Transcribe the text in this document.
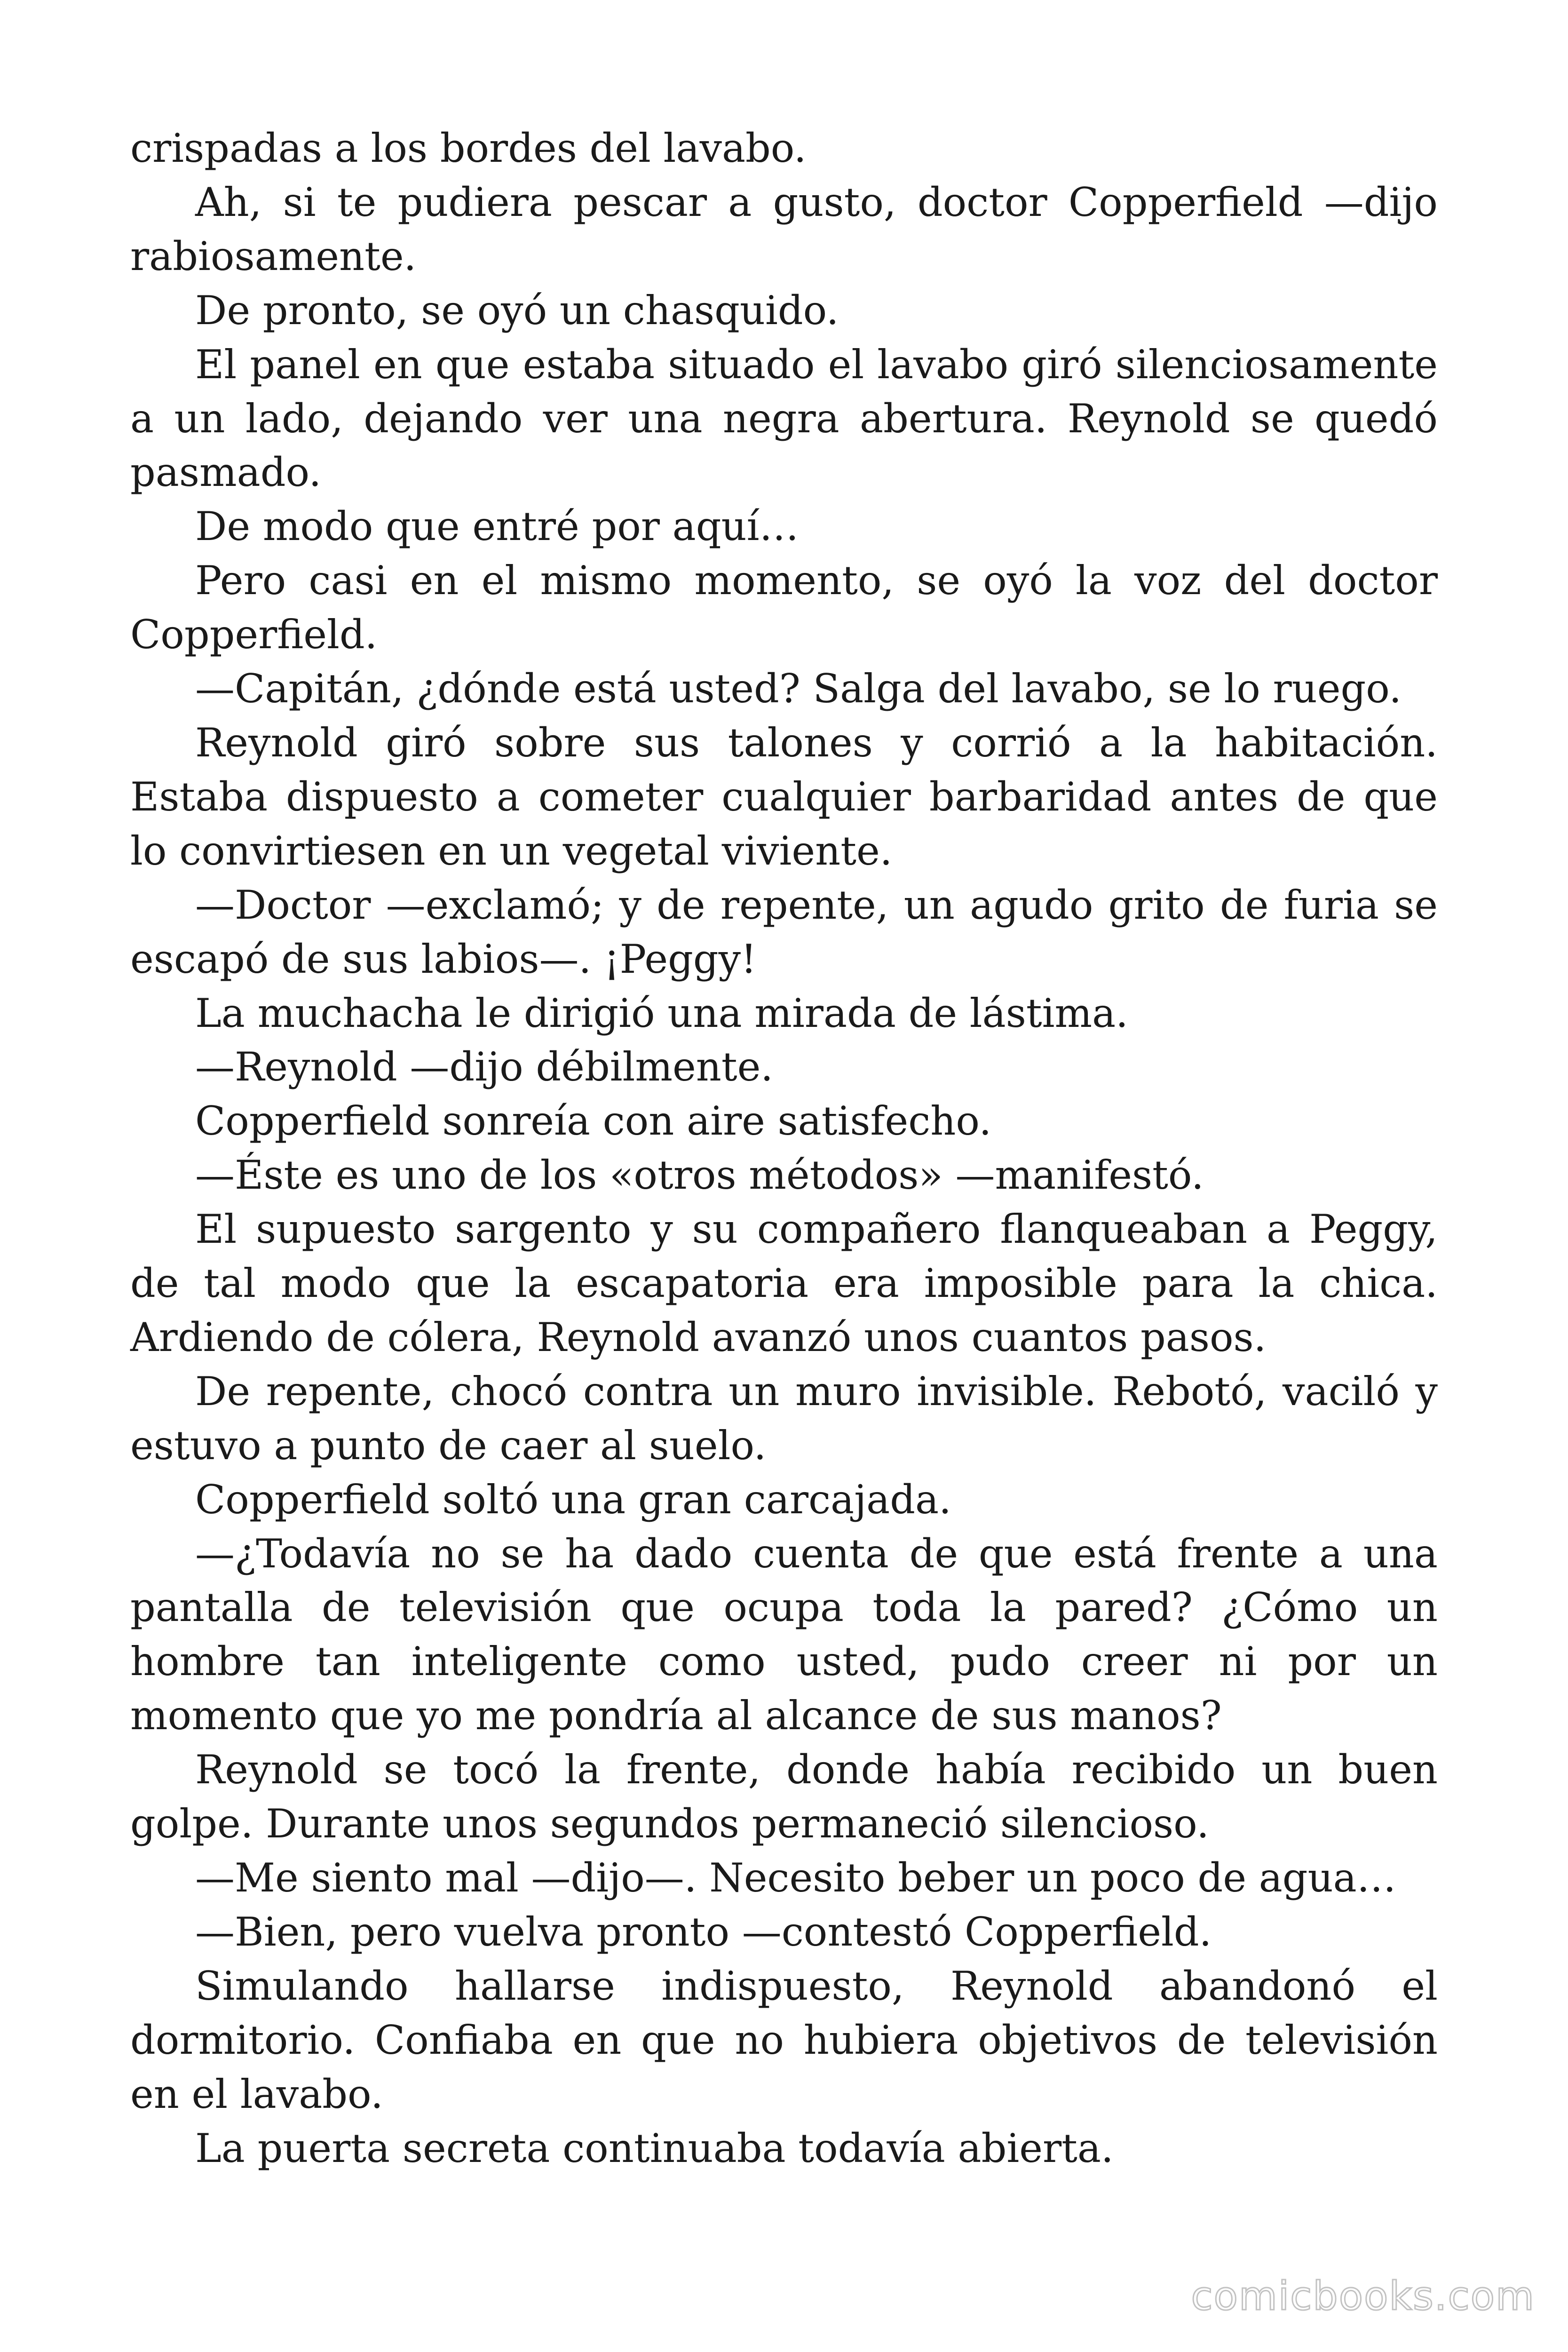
crispadas a los bordes del lavabo.

Ah, si te pudiera pescar a gusto, doctor Copperfield —dijo rabiosamente.

De pronto, se oyó un chasquido.

El panel en que estaba situado el lavabo giró silenciosamente a un lado, dejando ver una negra abertura. Reynold se quedó pasmado.

De modo que entré por aquí…

Pero casi en el mismo momento, se oyó la voz del doctor Copperfield.

—Capitán, ¿dónde está usted? Salga del lavabo, se lo ruego.

Reynold giró sobre sus talones y corrió a la habitación. Estaba dispuesto a cometer cualquier barbaridad antes de que lo convirtiesen en un vegetal viviente.

—Doctor —exclamó; y de repente, un agudo grito de furia se escapó de sus labios—. ¡Peggy!

La muchacha le dirigió una mirada de lástima.

—Reynold —dijo débilmente.

Copperfield sonreía con aire satisfecho.

—Éste es uno de los «otros métodos» —manifestó.

El supuesto sargento y su compañero flanqueaban a Peggy, de tal modo que la escapatoria era imposible para la chica. Ardiendo de cólera, Reynold avanzó unos cuantos pasos.

De repente, chocó contra un muro invisible. Rebotó, vaciló y estuvo a punto de caer al suelo.

Copperfield soltó una gran carcajada.

—¿Todavía no se ha dado cuenta de que está frente a una pantalla de televisión que ocupa toda la pared? ¿Cómo un hombre tan inteligente como usted, pudo creer ni por un momento que yo me pondría al alcance de sus manos?

Reynold se tocó la frente, donde había recibido un buen golpe. Durante unos segundos permaneció silencioso.

—Me siento mal —dijo—. Necesito beber un poco de agua…

—Bien, pero vuelva pronto —contestó Copperfield.

Simulando hallarse indispuesto, Reynold abandonó el dormitorio. Confiaba en que no hubiera objetivos de televisión en el lavabo.

La puerta secreta continuaba todavía abierta.

comicbooks.com
